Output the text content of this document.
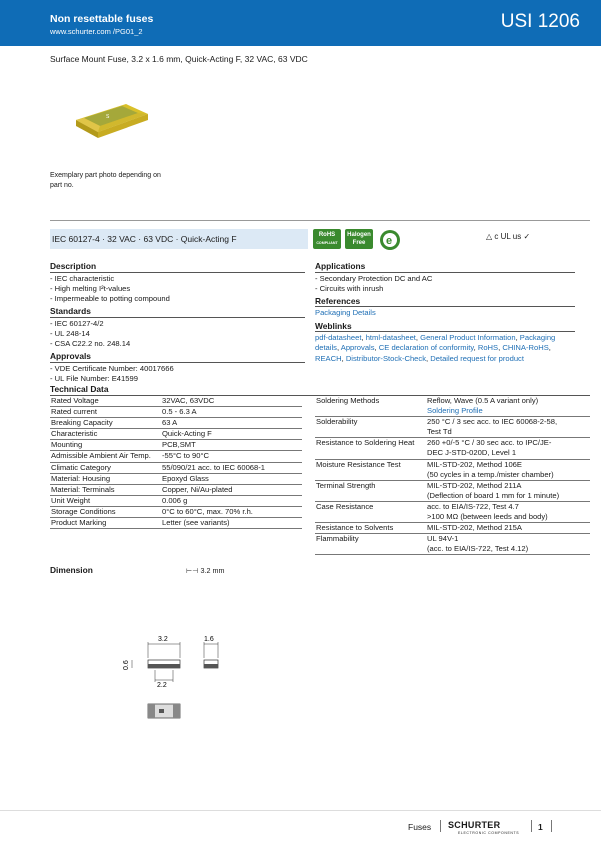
Non resettable fuses
www.schurter.com /PG01_2	USI 1206
Surface Mount Fuse, 3.2 x 1.6 mm, Quick-Acting F, 32 VAC, 63 VDC
S
Exemplary part photo depending on part no.
IEC 60127-4 · 32 VAC · 63 VDC · Quick-Acting F	RoHS
COMPLIANT
Halogen
Free	e	△ c UL us ✓
Description
- IEC characteristic
- High melting I²t-values
- Impermeable to potting compound
Standards
- IEC 60127-4/2
- UL 248-14
- CSA C22.2 no. 248.14
Approvals
- VDE Certificate Number: 40017666
- UL File Number: E41599
Applications
- Secondary Protection DC and AC
- Circuits with inrush
References
Packaging Details
Weblinks
pdf-datasheet, html-datasheet, General Product Information, Packaging
details, Approvals, CE declaration of conformity, RoHS, CHINA-RoHS,
REACH, Distributor-Stock-Check, Detailed request for product
Technical Data
Rated Voltage	32VAC, 63VDC
Rated current	0.5 - 6.3 A
Breaking Capacity	63 A
Characteristic	Quick-Acting F
Mounting	PCB,SMT
Admissible Ambient Air Temp.	-55°C to 90°C
Climatic Category	55/090/21 acc. to IEC 60068-1
Material: Housing	Epoxyd Glass
Material: Terminals	Copper, Ni/Au-plated
Unit Weight	0.006 g
Storage Conditions	0°C to 60°C, max. 70% r.h.
Product Marking	Letter (see variants)
Soldering Methods	Reflow, Wave (0.5 A variant only)
Soldering Profile

Solderability	250 °C / 3 sec acc. to IEC 60068-2-58,
Test Td

Resistance to Soldering Heat	260 +0/-5 °C / 30 sec acc. to IPC/JE-
DEC J-STD-020D, Level 1

Moisture Resistance Test	MIL-STD-202, Method 106E
(50 cycles in a temp./mister chamber)

Terminal Strength	MIL-STD-202, Method 211A
(Deflection of board 1 mm for 1 minute)

Case Resistance	acc. to EIA/IS-722, Test 4.7
>100 MΩ (between leeds and body)

Resistance to Solvents	MIL-STD-202, Method 215A

Flammability	UL 94V-1
(acc. to EIA/IS-722, Test 4.12)
Dimension	⊢⊣ 3.2 mm
3.2
0.6
2.2
1.6
Fuses SCHURTER
ELECTRONIC COMPONENTS
1
